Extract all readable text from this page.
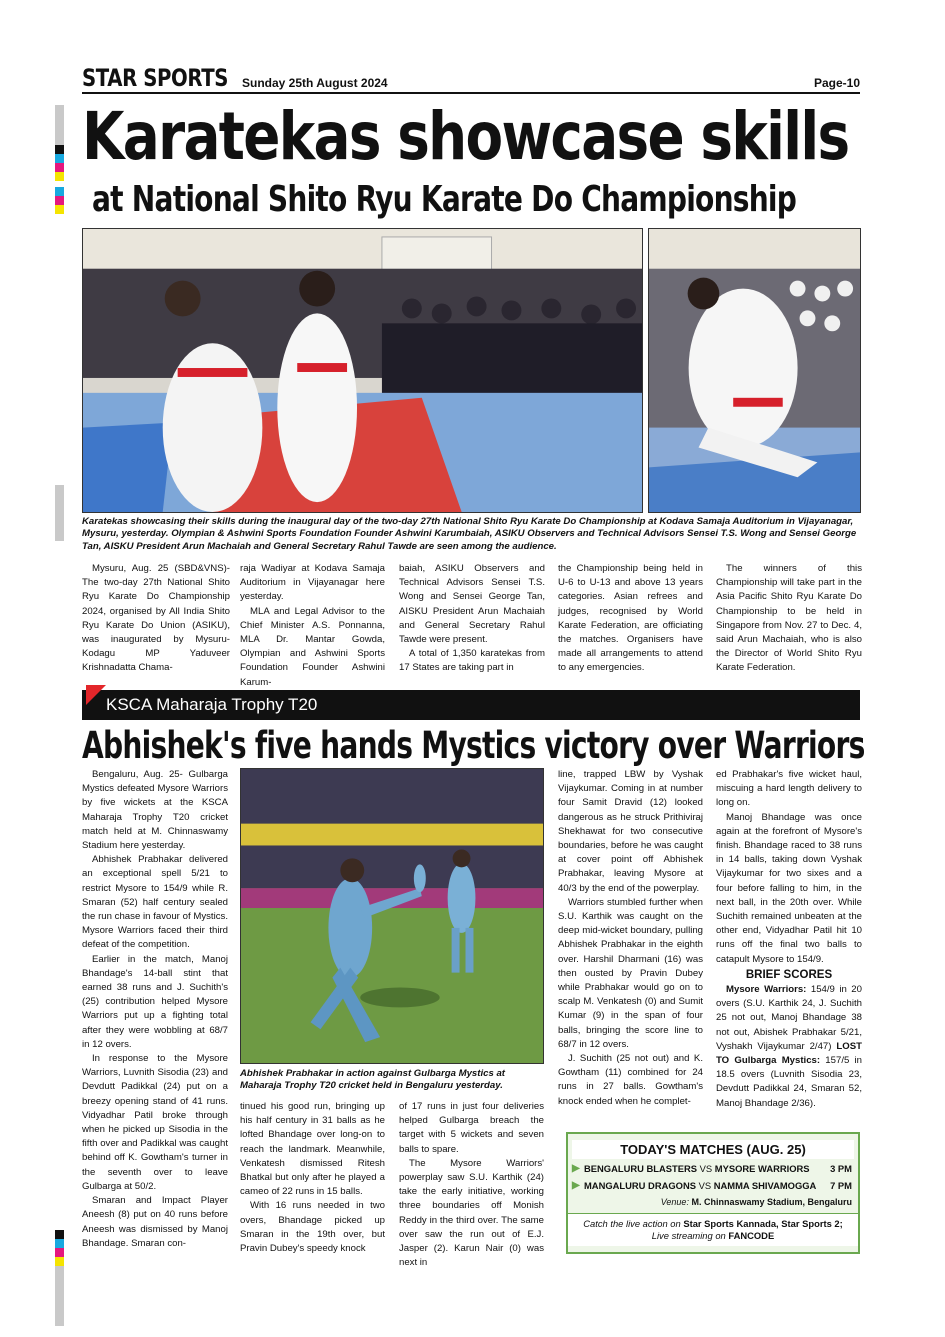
STAR SPORTS Sunday 25th August 2024	Page-10
Karatekas showcase skills
at National Shito Ryu Karate Do Championship
Karatekas showcasing their skills during the inaugural day of the two-day 27th National Shito Ryu Karate Do Championship at Kodava Samaja Auditorium in Vijayanagar, Mysuru, yesterday. Olympian & Ashwini Sports Foundation Founder Ashwini Karumbaiah, ASIKU Observers and Technical Advisors Sensei T.S. Wong and Sensei George Tan, AISKU President Arun Machaiah and General Secretary Rahul Tawde are seen among the audience.

Mysuru, Aug. 25 (SBD&VNS)- The two-day 27th National Shito Ryu Karate Do Championship 2024, organised by All India Shito Ryu Karate Do Union (ASIKU), was inaugurated by Mysuru-Kodagu MP Yaduveer Krishnadatta Chama-

raja Wadiyar at Kodava Samaja Auditorium in Vijayanagar here yesterday.

MLA and Legal Advisor to the Chief Minister A.S. Ponnanna, MLA Dr. Mantar Gowda, Olympian and Ashwini Sports Foundation Founder Ashwini Karum-

baiah, ASIKU Observers and Technical Advisors Sensei T.S. Wong and Sensei George Tan, AISKU President Arun Machaiah and General Secretary Rahul Tawde were present.

A total of 1,350 karatekas from 17 States are taking part in

the Championship being held in U-6 to U-13 and above 13 years categories. Asian refrees and judges, recognised by World Karate Federation, are officiating the matches. Organisers have made all arrangements to attend to any emergencies.

The winners of this Championship will take part in the Asia Pacific Shito Ryu Karate Do Championship to be held in Singapore from Nov. 27 to Dec. 4, said Arun Machaiah, who is also the Director of World Shito Ryu Karate Federation.

KSCA Maharaja Trophy T20
Abhishek's five hands Mystics victory over Warriors

Bengaluru, Aug. 25- Gulbarga Mystics defeated Mysore Warriors by five wickets at the KSCA Maharaja Trophy T20 cricket match held at M. Chinnaswamy Stadium here yesterday.

Abhishek Prabhakar delivered an exceptional spell 5/21 to restrict Mysore to 154/9 while R. Smaran (52) half century sealed the run chase in favour of Mystics. Mysore Warriors faced their third defeat of the competition.

Earlier in the match, Manoj Bhandage's 14-ball stint that earned 38 runs and J. Suchith's (25) contribution helped Mysore Warriors put up a fighting total after they were wobbling at 68/7 in 12 overs.

In response to the Mysore Warriors, Luvnith Sisodia (23) and Devdutt Padikkal (24) put on a breezy opening stand of 41 runs. Vidyadhar Patil broke through when he picked up Sisodia in the fifth over and Padikkal was caught behind off K. Gowtham's turner in the seventh over to leave Gulbarga at 50/2.

Smaran and Impact Player Aneesh (8) put on 40 runs before Aneesh was dismissed by Manoj Bhandage. Smaran con-

Abhishek Prabhakar in action against Gulbarga Mystics at Maharaja Trophy T20 cricket held in Bengaluru yesterday.

tinued his good run, bringing up his half century in 31 balls as he lofted Bhandage over long-on to reach the landmark. Meanwhile, Venkatesh dismissed Ritesh Bhatkal but only after he played a cameo of 22 runs in 15 balls.

With 16 runs needed in two overs, Bhandage picked up Smaran in the 19th over, but Pravin Dubey's speedy knock

of 17 runs in just four deliveries helped Gulbarga breach the target with 5 wickets and seven balls to spare.

The Mysore Warriors' powerplay saw S.U. Karthik (24) take the early initiative, working three boundaries off Monish Reddy in the third over. The same over saw the run out of E.J. Jasper (2). Karun Nair (0) was next in

line, trapped LBW by Vyshak Vijaykumar. Coming in at number four Samit Dravid (12) looked dangerous as he struck Prithiviraj Shekhawat for two consecutive boundaries, before he was caught at cover point off Abhishek Prabhakar, leaving Mysore at 40/3 by the end of the powerplay.

Warriors stumbled further when S.U. Karthik was caught on the deep mid-wicket boundary, pulling Abhishek Prabhakar in the eighth over. Harshil Dharmani (16) was then ousted by Pravin Dubey while Prabhakar would go on to scalp M. Venkatesh (0) and Sumit Kumar (9) in the span of four balls, bringing the score line to 68/7 in 12 overs.

J. Suchith (25 not out) and K. Gowtham (11) combined for 24 runs in 27 balls. Gowtham's knock ended when he complet-

ed Prabhakar's five wicket haul, miscuing a hard length delivery to long on.

Manoj Bhandage was once again at the forefront of Mysore's finish. Bhandage raced to 38 runs in 14 balls, taking down Vyshak Vijaykumar for two sixes and a four before falling to him, in the next ball, in the 20th over. While Suchith remained unbeaten at the other end, Vidyadhar Patil hit 10 runs off the final two balls to catapult Mysore to 154/9.

BRIEF SCORES

Mysore Warriors: 154/9 in 20 overs (S.U. Karthik 24, J. Suchith 25 not out, Manoj Bhandage 38 not out, Abishek Prabhakar 5/21, Vyshakh Vijaykumar 2/47) LOST TO Gulbarga Mystics: 157/5 in 18.5 overs (Luvnith Sisodia 23, Devdutt Padikkal 24, Smaran 52, Manoj Bhandage 2/36).

TODAY'S MATCHES (AUG. 25)
▶ BENGALURU BLASTERS VS MYSORE WARRIORS 3 PM
▶ MANGALURU DRAGONS VS NAMMA SHIVAMOGGA 7 PM
Venue: M. Chinnaswamy Stadium, Bengaluru
Catch the live action on Star Sports Kannada, Star Sports 2;
Live streaming on FANCODE
